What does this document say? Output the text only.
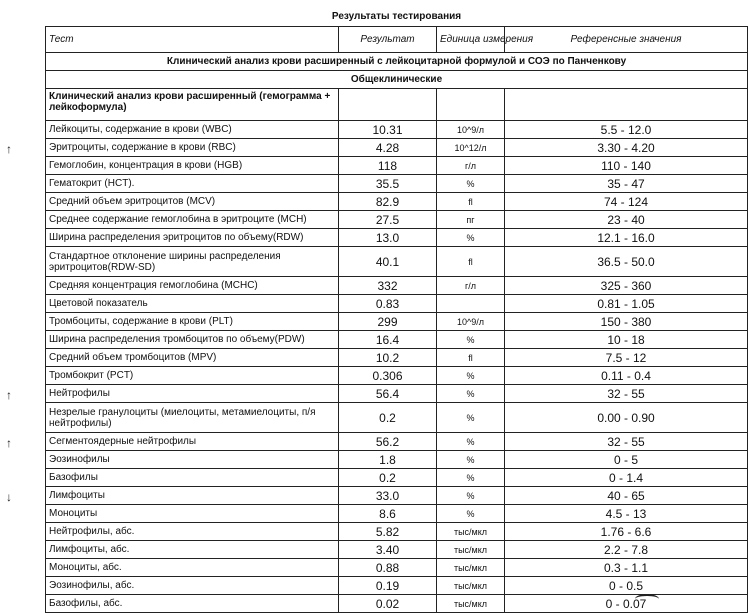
Результаты тестирования			
Тест	Результат	Единица измерения	Референсные значения
Клинический анализ крови расширенный с лейкоцитарной формулой и СОЭ по Панченкову			
Общеклинические			
Клинический анализ крови расширенный (гемограмма + лейкоформула)			
Лейкоциты, содержание в крови (WBC)	10.31	10^9/л	5.5 - 12.0

↑ Эритроциты, содержание в крови (RBC)	4.28	10^12/л	3.30 - 4.20
Гемоглобин, концентрация в крови (HGB)	118	г/л	110 - 140
Гематокрит (HCT).	35.5	%	35 - 47
Средний объем эритроцитов (MCV)	82.9	fl	74 - 124
Среднее содержание гемоглобина в эритроците (MCH)	27.5	пг	23 - 40
Ширина распределения эритроцитов по объему(RDW)	13.0	%	12.1 - 16.0

Стандартное отклонение ширины распределения эритроцитов(RDW-SD)	40.1	fl	36.5 - 50.0
Средняя концентрация гемоглобина (MCHC)	332	г/л	325 - 360
Цветовой показатель	0.83		0.81 - 1.05
Тромбоциты, содержание в крови (PLT)	299	10^9/л	150 - 380
Ширина распределения тромбоцитов по объему(PDW)	16.4	%	10 - 18
Средний объем тромбоцитов (MPV)	10.2	fl	7.5 - 12
Тромбокрит (PCT)	0.306	%	0.11 - 0.4

↑ Нейтрофилы	56.4	%	32 - 55

Незрелые гранулоциты (миелоциты, метамиелоциты, п/я нейтрофилы)	0.2	%	0.00 - 0.90

↑ Сегментоядерные нейтрофилы	56.2	%	32 - 55
Эозинофилы	1.8	%	0 - 5
Базофилы	0.2	%	0 - 1.4

↓ Лимфоциты	33.0	%	40 - 65
Моноциты	8.6	%	4.5 - 13
Нейтрофилы, абс.	5.82	тыс/мкл	1.76 - 6.6
Лимфоциты, абс.	3.40	тыс/мкл	2.2 - 7.8
Моноциты, абс.	0.88	тыс/мкл	0.3 - 1.1
Эозинофилы, абс.	0.19	тыс/мкл	0 - 0.5
Базофилы, абс.	0.02	тыс/мкл	0 - 0.07
